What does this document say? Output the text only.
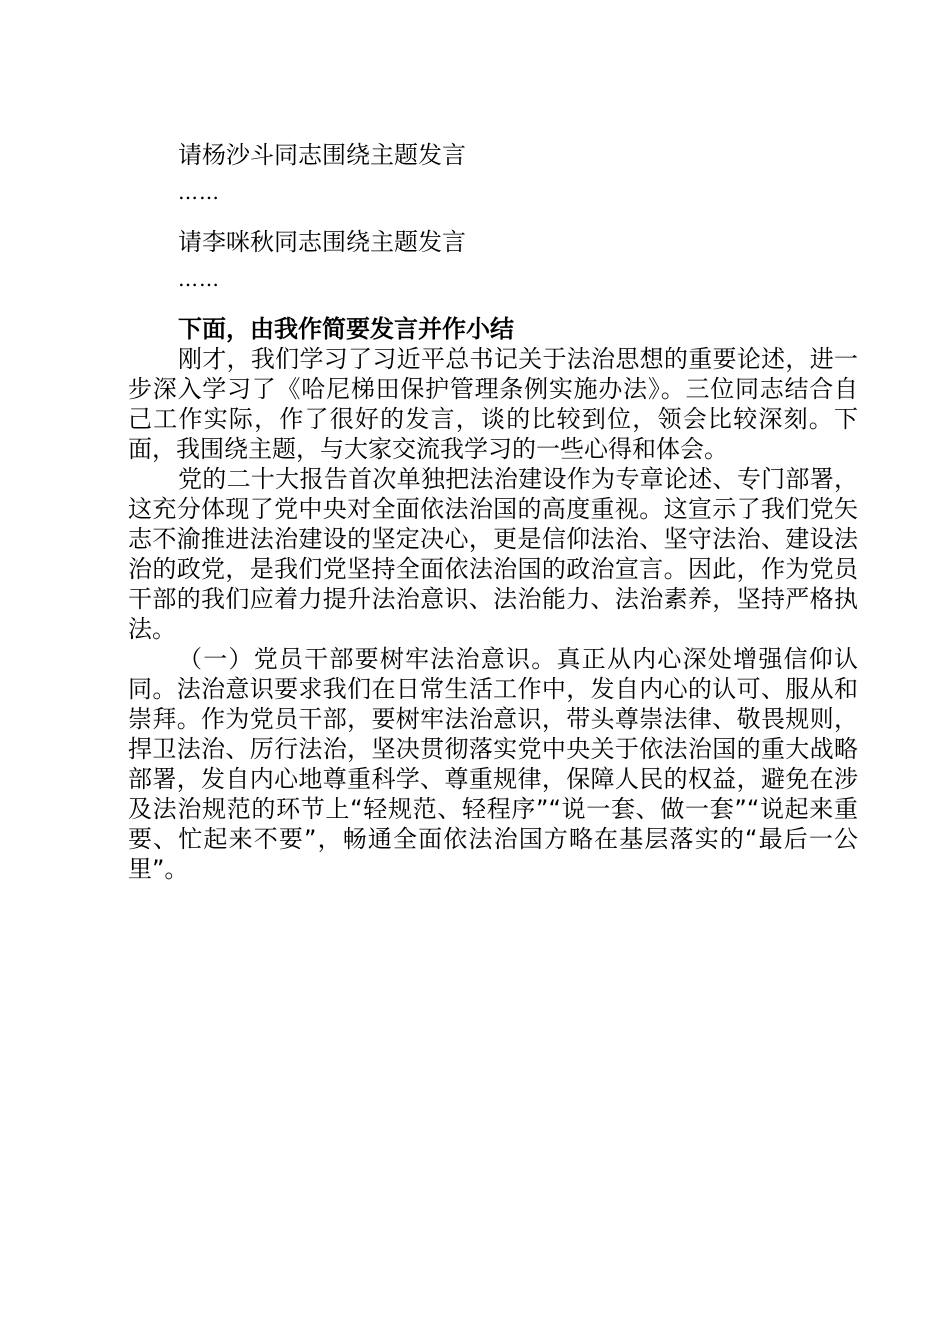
请杨沙斗同志围绕主题发言

……

请李咪秋同志围绕主题发言

……

下面，由我作简要发言并作小结

刚才，我们学习了习近平总书记关于法治思想的重要论述，进一步深入学习了《哈尼梯田保护管理条例实施办法》。三位同志结合自己工作实际，作了很好的发言，谈的比较到位，领会比较深刻。下面，我围绕主题，与大家交流我学习的一些心得和体会。

党的二十大报告首次单独把法治建设作为专章论述、专门部署，这充分体现了党中央对全面依法治国的高度重视。这宣示了我们党矢志不渝推进法治建设的坚定决心，更是信仰法治、坚守法治、建设法治的政党，是我们党坚持全面依法治国的政治宣言。因此，作为党员干部的我们应着力提升法治意识、法治能力、法治素养，坚持严格执法。

（一）党员干部要树牢法治意识。真正从内心深处增强信仰认同。法治意识要求我们在日常生活工作中，发自内心的认可、服从和崇拜。作为党员干部，要树牢法治意识，带头尊崇法律、敬畏规则，捍卫法治、厉行法治，坚决贯彻落实党中央关于依法治国的重大战略部署，发自内心地尊重科学、尊重规律，保障人民的权益，避免在涉及法治规范的环节上“轻规范、轻程序”“说一套、做一套”“说起来重要、忙起来不要”，畅通全面依法治国方略在基层落实的“最后一公里”。
